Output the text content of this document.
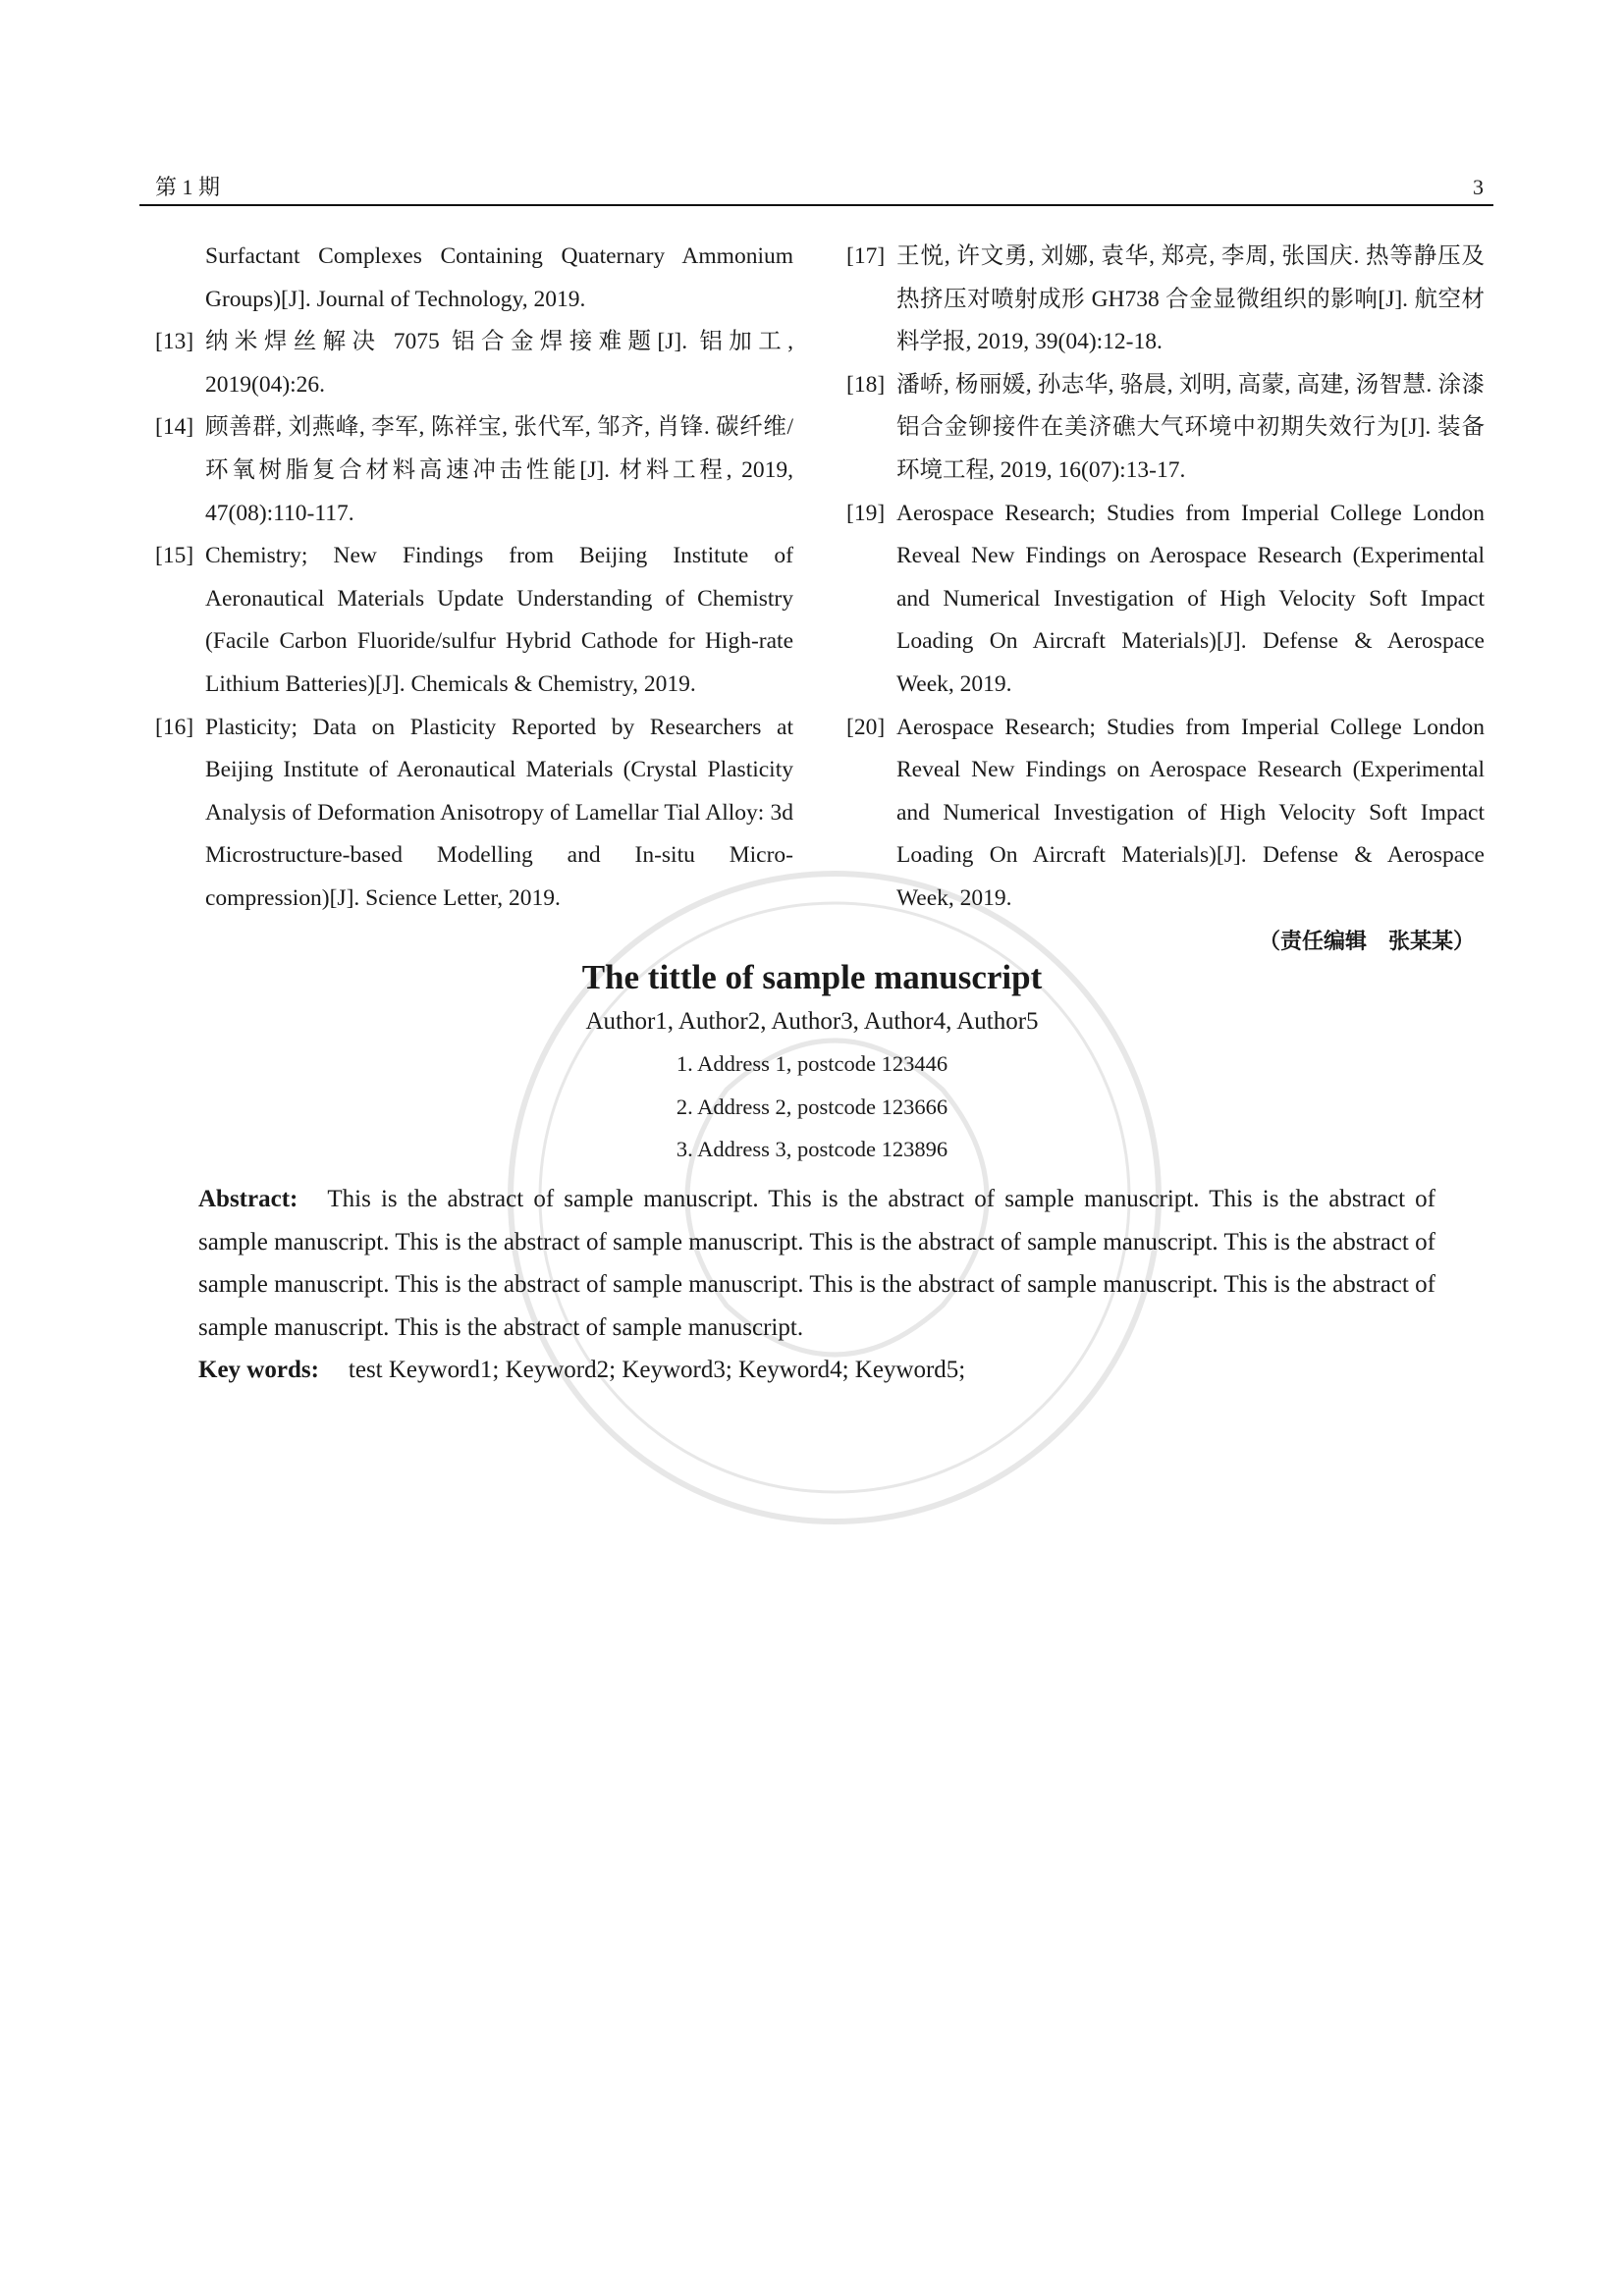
第 1 期	3
Surfactant Complexes Containing Quaternary Ammonium Groups)[J]. Journal of Technology, 2019.
[13] 纳米焊丝解决 7075 铝合金焊接难题[J]. 铝加工, 2019(04):26.
[14] 顾善群, 刘燕峰, 李军, 陈祥宝, 张代军, 邹齐, 肖锋. 碳纤维/环氧树脂复合材料高速冲击性能[J]. 材料工程, 2019, 47(08):110-117.
[15] Chemistry; New Findings from Beijing Institute of Aeronautical Materials Update Understanding of Chemistry (Facile Carbon Fluoride/sulfur Hybrid Cathode for High-rate Lithium Batteries)[J]. Chemicals & Chemistry, 2019.
[16] Plasticity; Data on Plasticity Reported by Researchers at Beijing Institute of Aeronautical Materials (Crystal Plasticity Analysis of Deformation Anisotropy of Lamellar Tial Alloy: 3d Microstructure-based Modelling and In-situ Micro-compression)[J]. Science Letter, 2019.
[17] 王悦, 许文勇, 刘娜, 袁华, 郑亮, 李周, 张国庆. 热等静压及热挤压对喷射成形 GH738 合金显微组织的影响[J]. 航空材料学报, 2019, 39(04):12-18.
[18] 潘峤, 杨丽媛, 孙志华, 骆晨, 刘明, 高蒙, 高建, 汤智慧. 涂漆铝合金铆接件在美济礁大气环境中初期失效行为[J]. 装备环境工程, 2019, 16(07):13-17.
[19] Aerospace Research; Studies from Imperial College London Reveal New Findings on Aerospace Research (Experimental and Numerical Investigation of High Velocity Soft Impact Loading On Aircraft Materials)[J]. Defense & Aerospace Week, 2019.
[20] Aerospace Research; Studies from Imperial College London Reveal New Findings on Aerospace Research (Experimental and Numerical Investigation of High Velocity Soft Impact Loading On Aircraft Materials)[J]. Defense & Aerospace Week, 2019.
（责任编辑　张某某）
The tittle of sample manuscript
Author1, Author2, Author3, Author4, Author5
1. Address 1, postcode 123446
2. Address 2, postcode 123666
3. Address 3, postcode 123896
Abstract: This is the abstract of sample manuscript. This is the abstract of sample manuscript. This is the abstract of sample manuscript. This is the abstract of sample manuscript. This is the abstract of sample manuscript. This is the abstract of sample manuscript. This is the abstract of sample manuscript. This is the abstract of sample manuscript. This is the abstract of sample manuscript. This is the abstract of sample manuscript.
Key words: test Keyword1; Keyword2; Keyword3; Keyword4; Keyword5;
